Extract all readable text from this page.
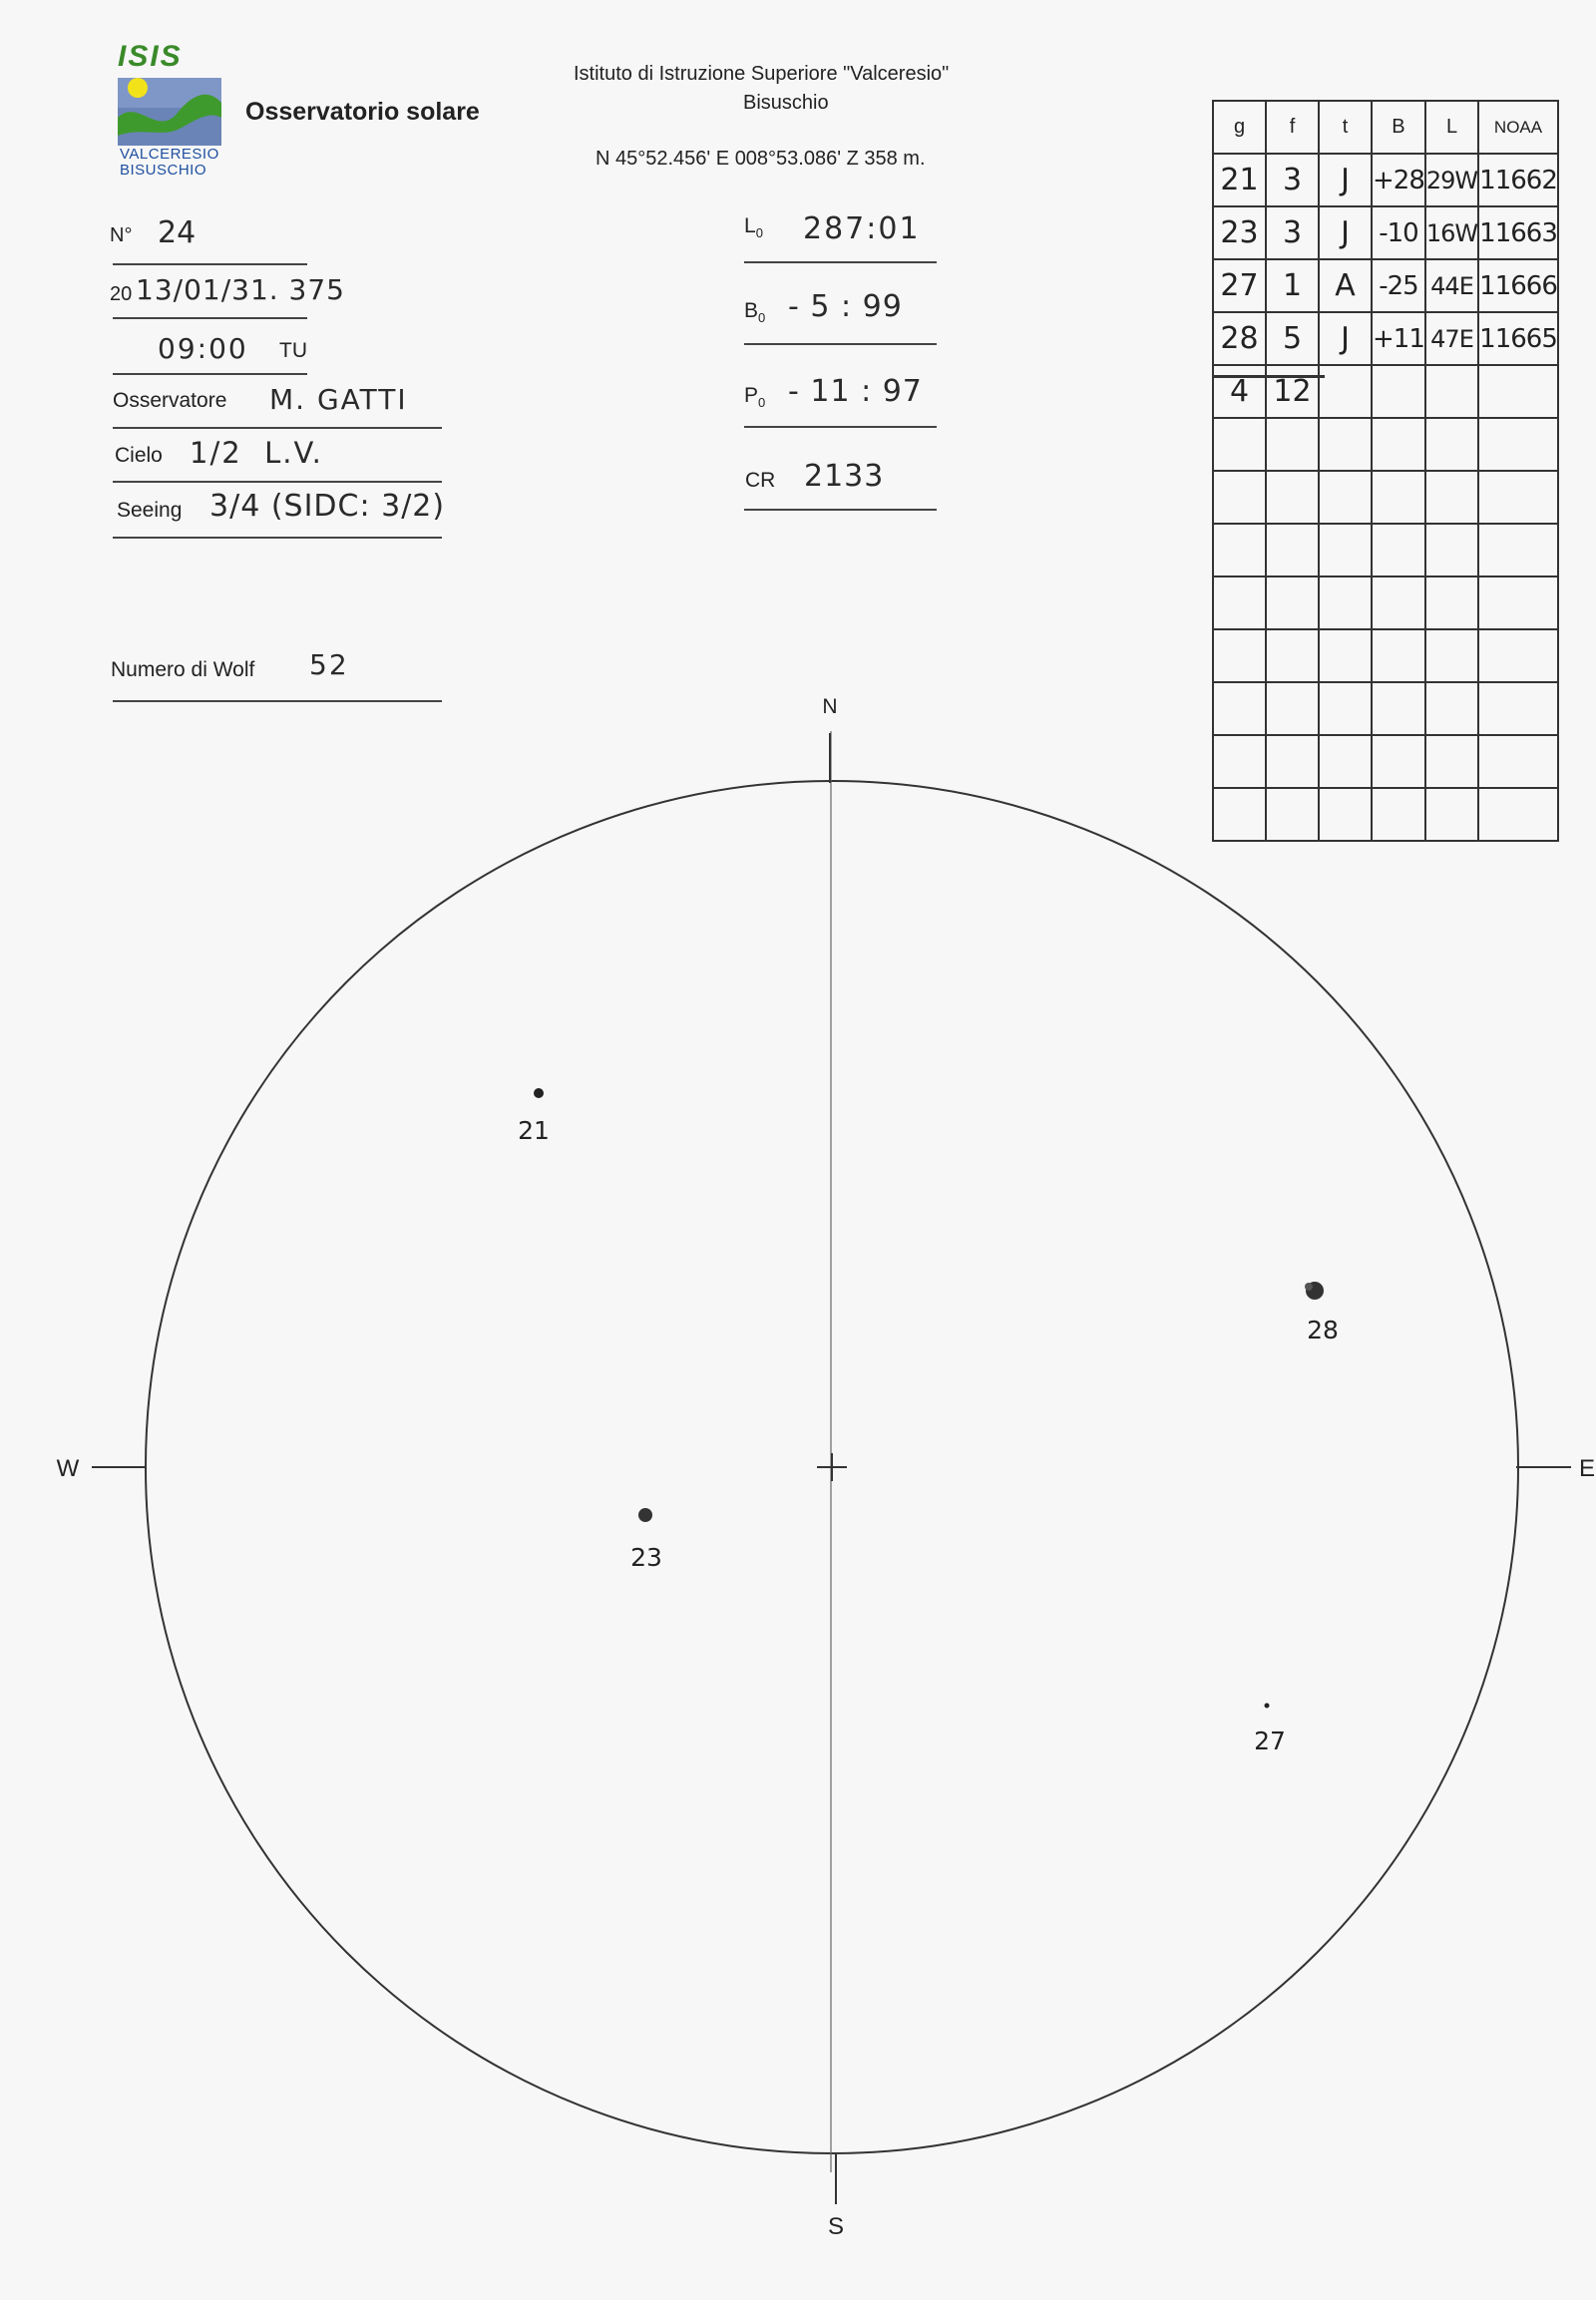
ISIS
VALCERESIO
BISUSCHIO
Osservatorio solare
Istituto di Istruzione Superiore "Valceresio"
Bisuschio
N 45°52.456' E 008°53.086' Z 358 m.
N° 24
20 13/01/31. 375
09:00 TU
Osservatore M. GATTI
Cielo 1/2  L.V.
Seeing 3/4 (SIDC: 3/2)
Numero di Wolf 52
$L_0$ 287:01
$B_0 - 5$ : 99
$P_0 - 11$ : 97
CR 2133
g	f	t	B	L	NOAA
21	3	J	+28	29W	11662
23	3	J	-10	16W	11663
27	1	A	-25	44E	11666
28	5	J	+11	47E	11665
4	12				

N
S
W	E
21
23
27
28
